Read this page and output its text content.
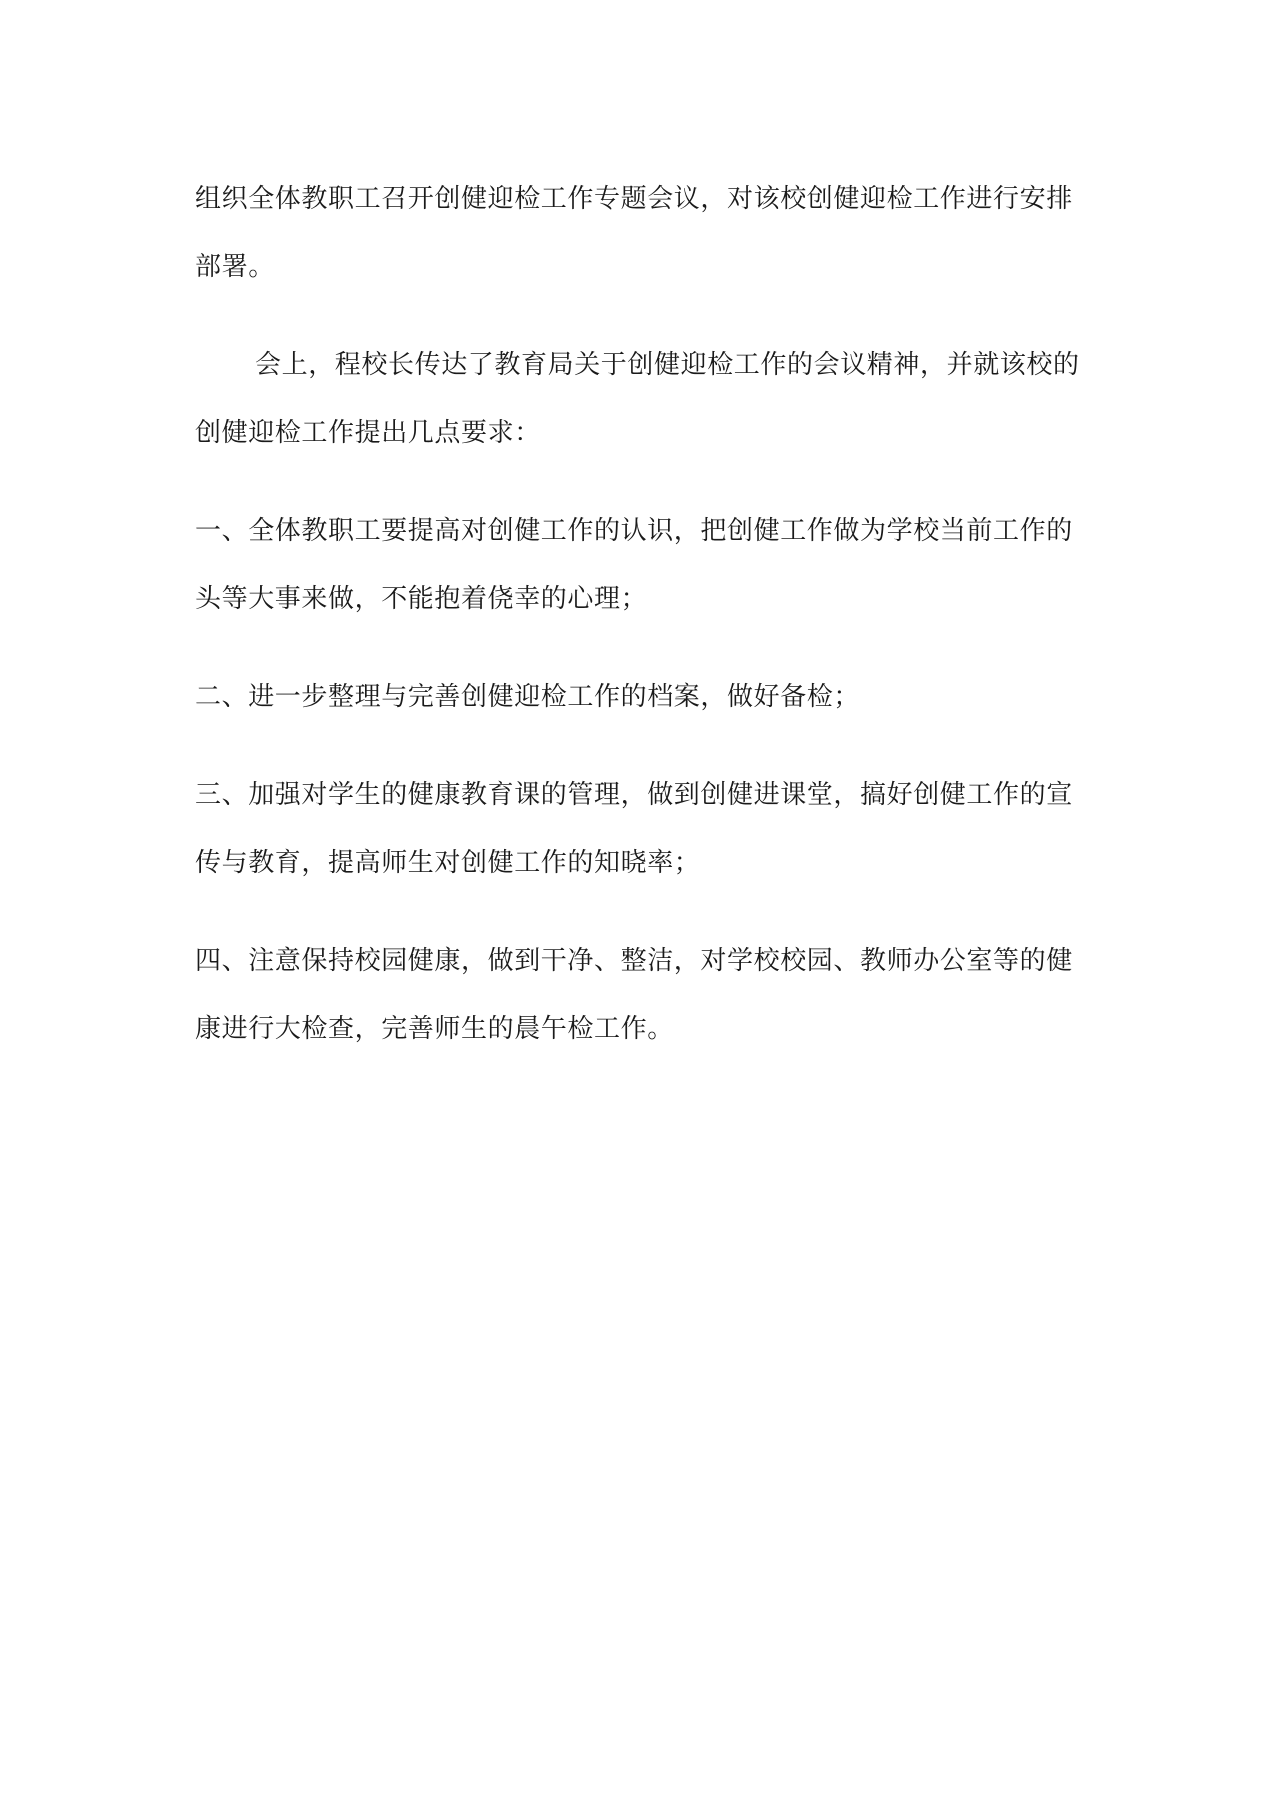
组织全体教职工召开创健迎检工作专题会议，对该校创健迎检工作进行安排部署。

会上，程校长传达了教育局关于创健迎检工作的会议精神，并就该校的创健迎检工作提出几点要求：

一、全体教职工要提高对创健工作的认识，把创健工作做为学校当前工作的头等大事来做，不能抱着侥幸的心理；

二、进一步整理与完善创健迎检工作的档案，做好备检；

三、加强对学生的健康教育课的管理，做到创健进课堂，搞好创健工作的宣传与教育，提高师生对创健工作的知晓率；

四、注意保持校园健康，做到干净、整洁，对学校校园、教师办公室等的健康进行大检查，完善师生的晨午检工作。
